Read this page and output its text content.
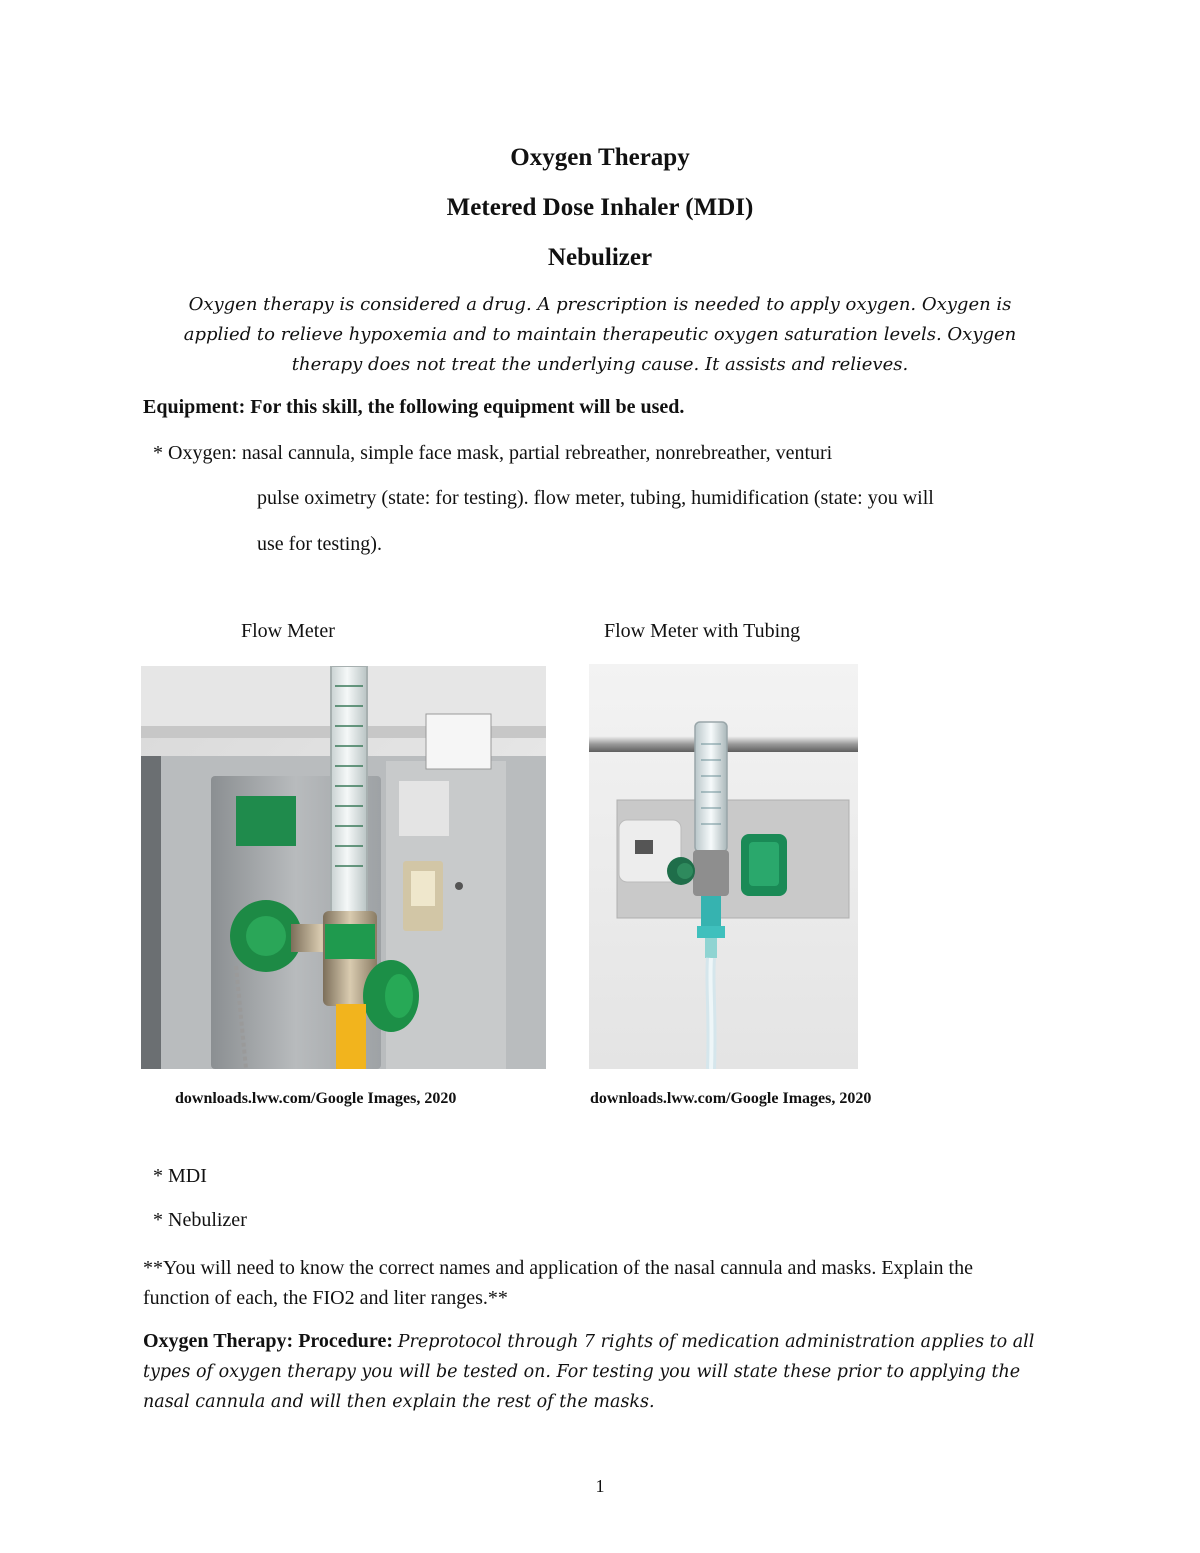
Oxygen Therapy
Metered Dose Inhaler (MDI)
Nebulizer
Oxygen therapy is considered a drug. A prescription is needed to apply oxygen. Oxygen is applied to relieve hypoxemia and to maintain therapeutic oxygen saturation levels. Oxygen therapy does not treat the underlying cause. It assists and relieves.
Equipment: For this skill, the following equipment will be used.
* Oxygen: nasal cannula, simple face mask, partial rebreather, nonrebreather, venturi
pulse oximetry (state: for testing). flow meter, tubing, humidification (state: you will
use for testing).
Flow Meter	Flow Meter with Tubing
downloads.lww.com/Google Images, 2020	downloads.lww.com/Google Images, 2020
* MDI
* Nebulizer
**You will need to know the correct names and application of the nasal cannula and masks. Explain the function of each, the FIO2 and liter ranges.**
Oxygen Therapy: Procedure: Preprotocol through 7 rights of medication administration applies to all types of oxygen therapy you will be tested on. For testing you will state these prior to applying the nasal cannula and will then explain the rest of the masks.
1
